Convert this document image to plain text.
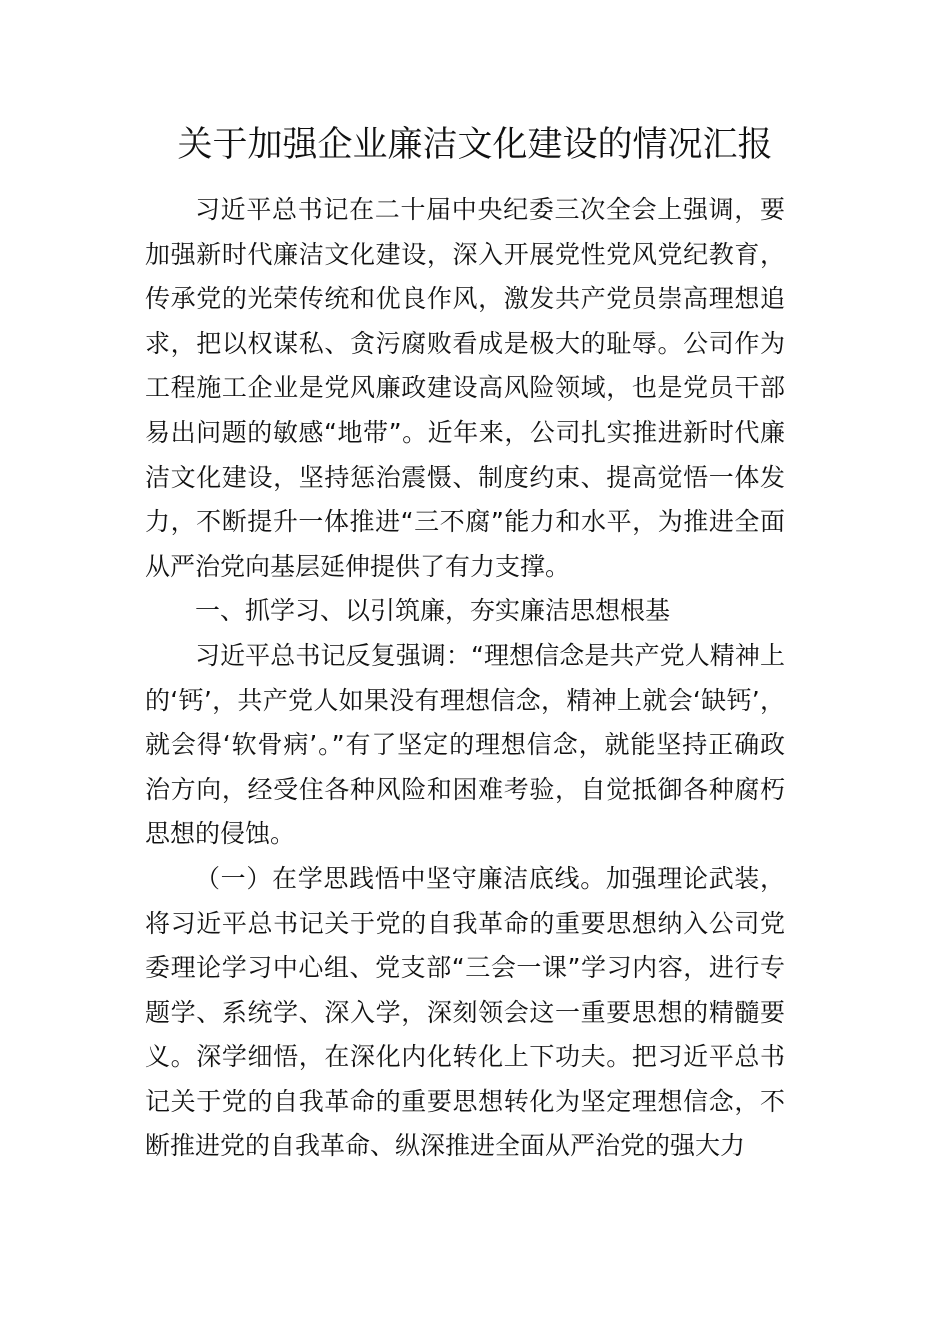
关于加强企业廉洁文化建设的情况汇报

习近平总书记在二十届中央纪委三次全会上强调，要加强新时代廉洁文化建设，深入开展党性党风党纪教育，传承党的光荣传统和优良作风，激发共产党员崇高理想追求，把以权谋私、贪污腐败看成是极大的耻辱。公司作为工程施工企业是党风廉政建设高风险领域，也是党员干部易出问题的敏感“地带”。近年来，公司扎实推进新时代廉洁文化建设，坚持惩治震慑、制度约束、提高觉悟一体发力，不断提升一体推进“三不腐”能力和水平，为推进全面从严治党向基层延伸提供了有力支撑。

一、抓学习、以引筑廉，夯实廉洁思想根基

习近平总书记反复强调：“理想信念是共产党人精神上的‘钙’，共产党人如果没有理想信念，精神上就会‘缺钙’，就会得‘软骨病’。”有了坚定的理想信念，就能坚持正确政治方向，经受住各种风险和困难考验，自觉抵御各种腐朽思想的侵蚀。

（一）在学思践悟中坚守廉洁底线。加强理论武装，将习近平总书记关于党的自我革命的重要思想纳入公司党委理论学习中心组、党支部“三会一课”学习内容，进行专题学、系统学、深入学，深刻领会这一重要思想的精髓要义。深学细悟，在深化内化转化上下功夫。把习近平总书记关于党的自我革命的重要思想转化为坚定理想信念，不断推进党的自我革命、纵深推进全面从严治党的强大力
